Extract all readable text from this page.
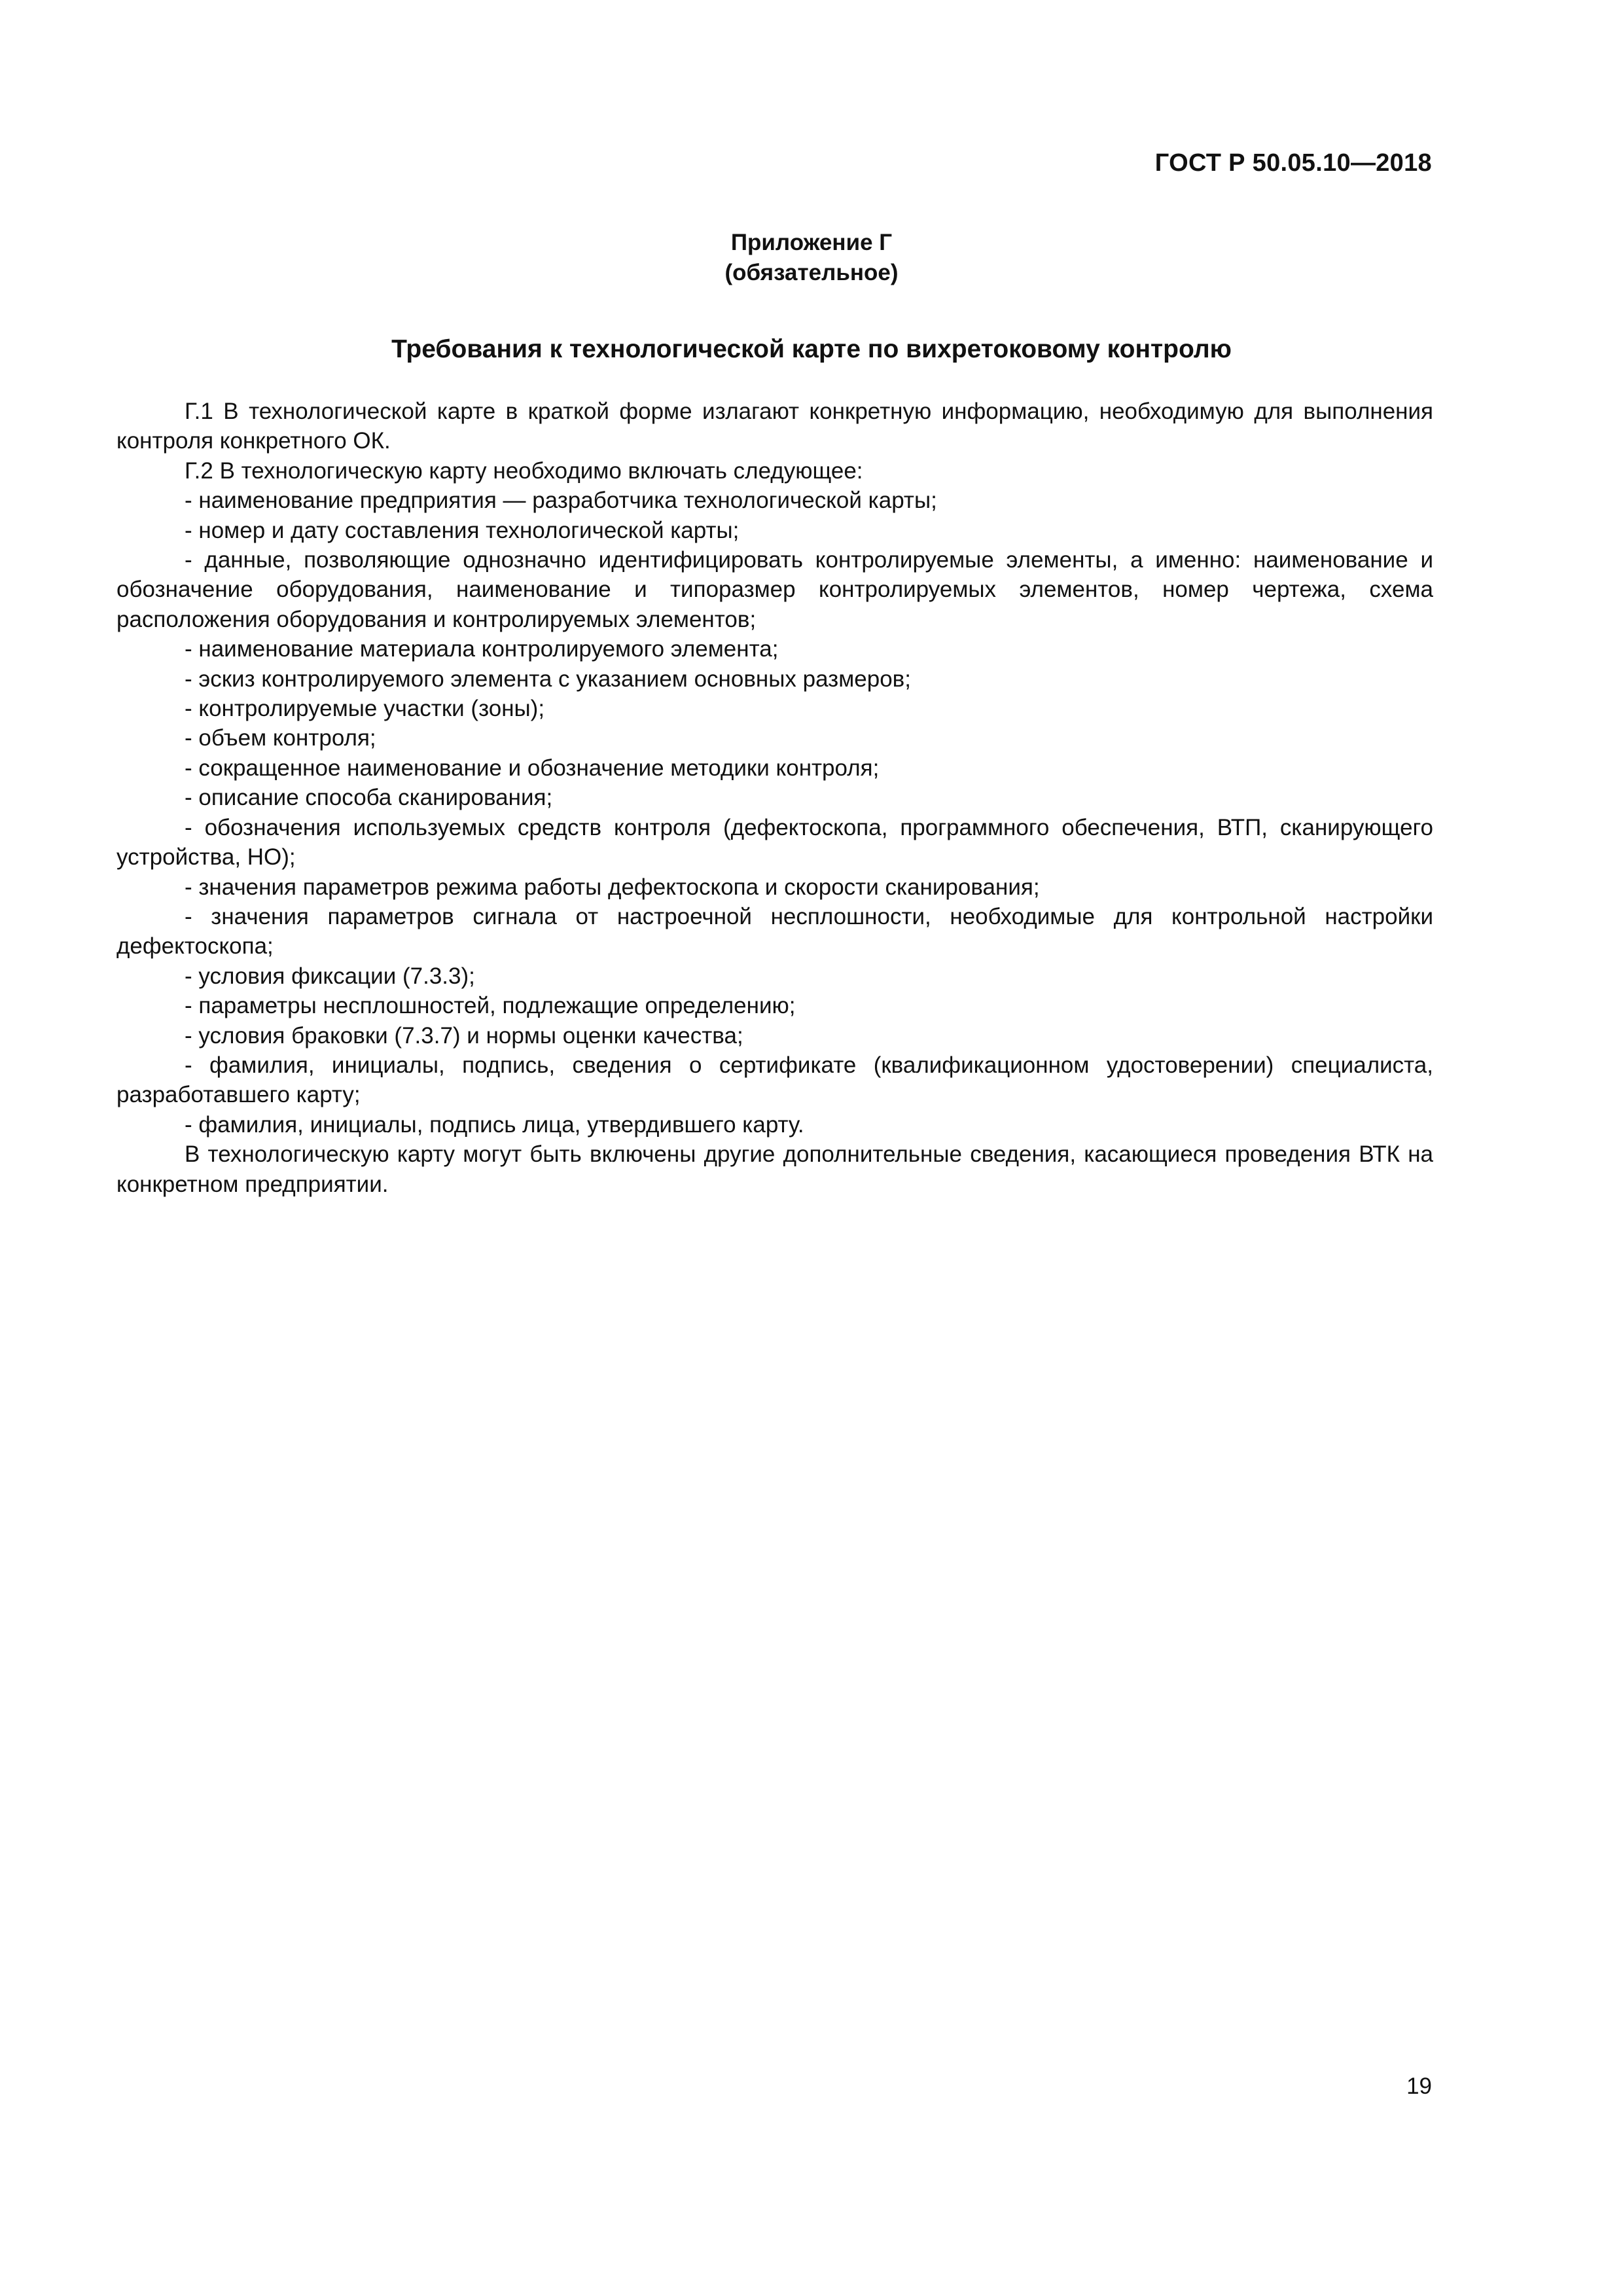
ГОСТ Р 50.05.10—2018
Приложение Г
(обязательное)
Требования к технологической карте по вихретоковому контролю

Г.1 В технологической карте в краткой форме излагают конкретную информацию, необходимую для выполнения контроля конкретного ОК.

Г.2 В технологическую карту необходимо включать следующее:

- наименование предприятия — разработчика технологической карты;

- номер и дату составления технологической карты;

- данные, позволяющие однозначно идентифицировать контролируемые элементы, а именно: наименование и обозначение оборудования, наименование и типоразмер контролируемых элементов, номер чертежа, схема расположения оборудования и контролируемых элементов;

- наименование материала контролируемого элемента;

- эскиз контролируемого элемента с указанием основных размеров;

- контролируемые участки (зоны);

- объем контроля;

- сокращенное наименование и обозначение методики контроля;

- описание способа сканирования;

- обозначения используемых средств контроля (дефектоскопа, программного обеспечения, ВТП, сканирующего устройства, НО);

- значения параметров режима работы дефектоскопа и скорости сканирования;

- значения параметров сигнала от настроечной несплошности, необходимые для контрольной настройки дефектоскопа;

- условия фиксации (7.3.3);

- параметры несплошностей, подлежащие определению;

- условия браковки (7.3.7) и нормы оценки качества;

- фамилия, инициалы, подпись, сведения о сертификате (квалификационном удостоверении) специалиста, разработавшего карту;

- фамилия, инициалы, подпись лица, утвердившего карту.

В технологическую карту могут быть включены другие дополнительные сведения, касающиеся проведения ВТК на конкретном предприятии.

19
